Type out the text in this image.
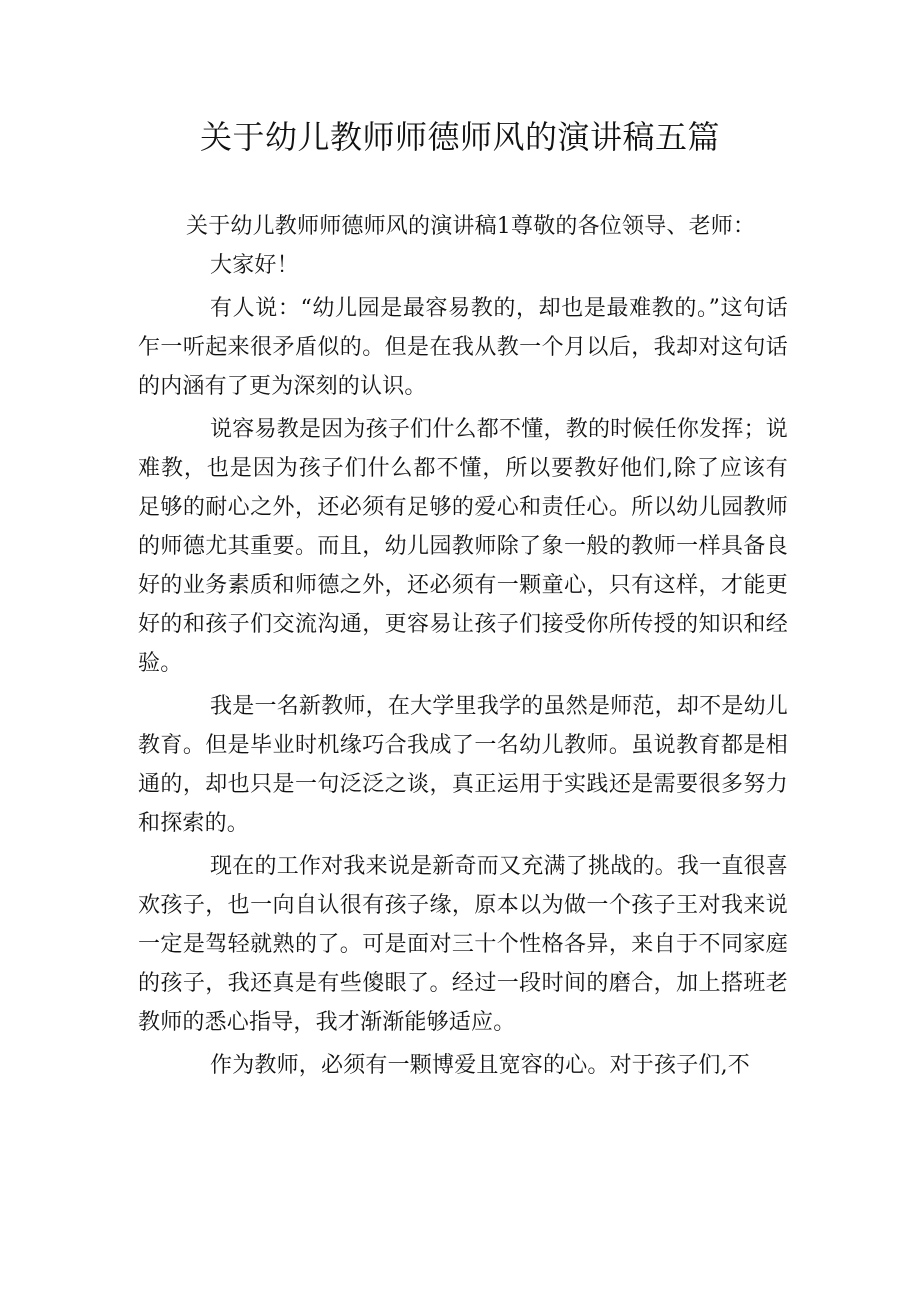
关于幼儿教师师德师风的演讲稿五篇

关于幼儿教师师德师风的演讲稿1尊敬的各位领导、老师：

大家好！

有人说：“幼儿园是最容易教的，却也是最难教的。”这句话乍一听起来很矛盾似的。但是在我从教一个月以后，我却对这句话的内涵有了更为深刻的认识。

说容易教是因为孩子们什么都不懂，教的时候任你发挥；说难教，也是因为孩子们什么都不懂，所以要教好他们,除了应该有足够的耐心之外，还必须有足够的爱心和责任心。所以幼儿园教师的师德尤其重要。而且，幼儿园教师除了象一般的教师一样具备良好的业务素质和师德之外，还必须有一颗童心，只有这样，才能更好的和孩子们交流沟通，更容易让孩子们接受你所传授的知识和经验。

我是一名新教师，在大学里我学的虽然是师范，却不是幼儿教育。但是毕业时机缘巧合我成了一名幼儿教师。虽说教育都是相通的，却也只是一句泛泛之谈，真正运用于实践还是需要很多努力和探索的。

现在的工作对我来说是新奇而又充满了挑战的。我一直很喜欢孩子，也一向自认很有孩子缘，原本以为做一个孩子王对我来说一定是驾轻就熟的了。可是面对三十个性格各异，来自于不同家庭的孩子，我还真是有些傻眼了。经过一段时间的磨合，加上搭班老教师的悉心指导，我才渐渐能够适应。

作为教师，必须有一颗博爱且宽容的心。对于孩子们,不
